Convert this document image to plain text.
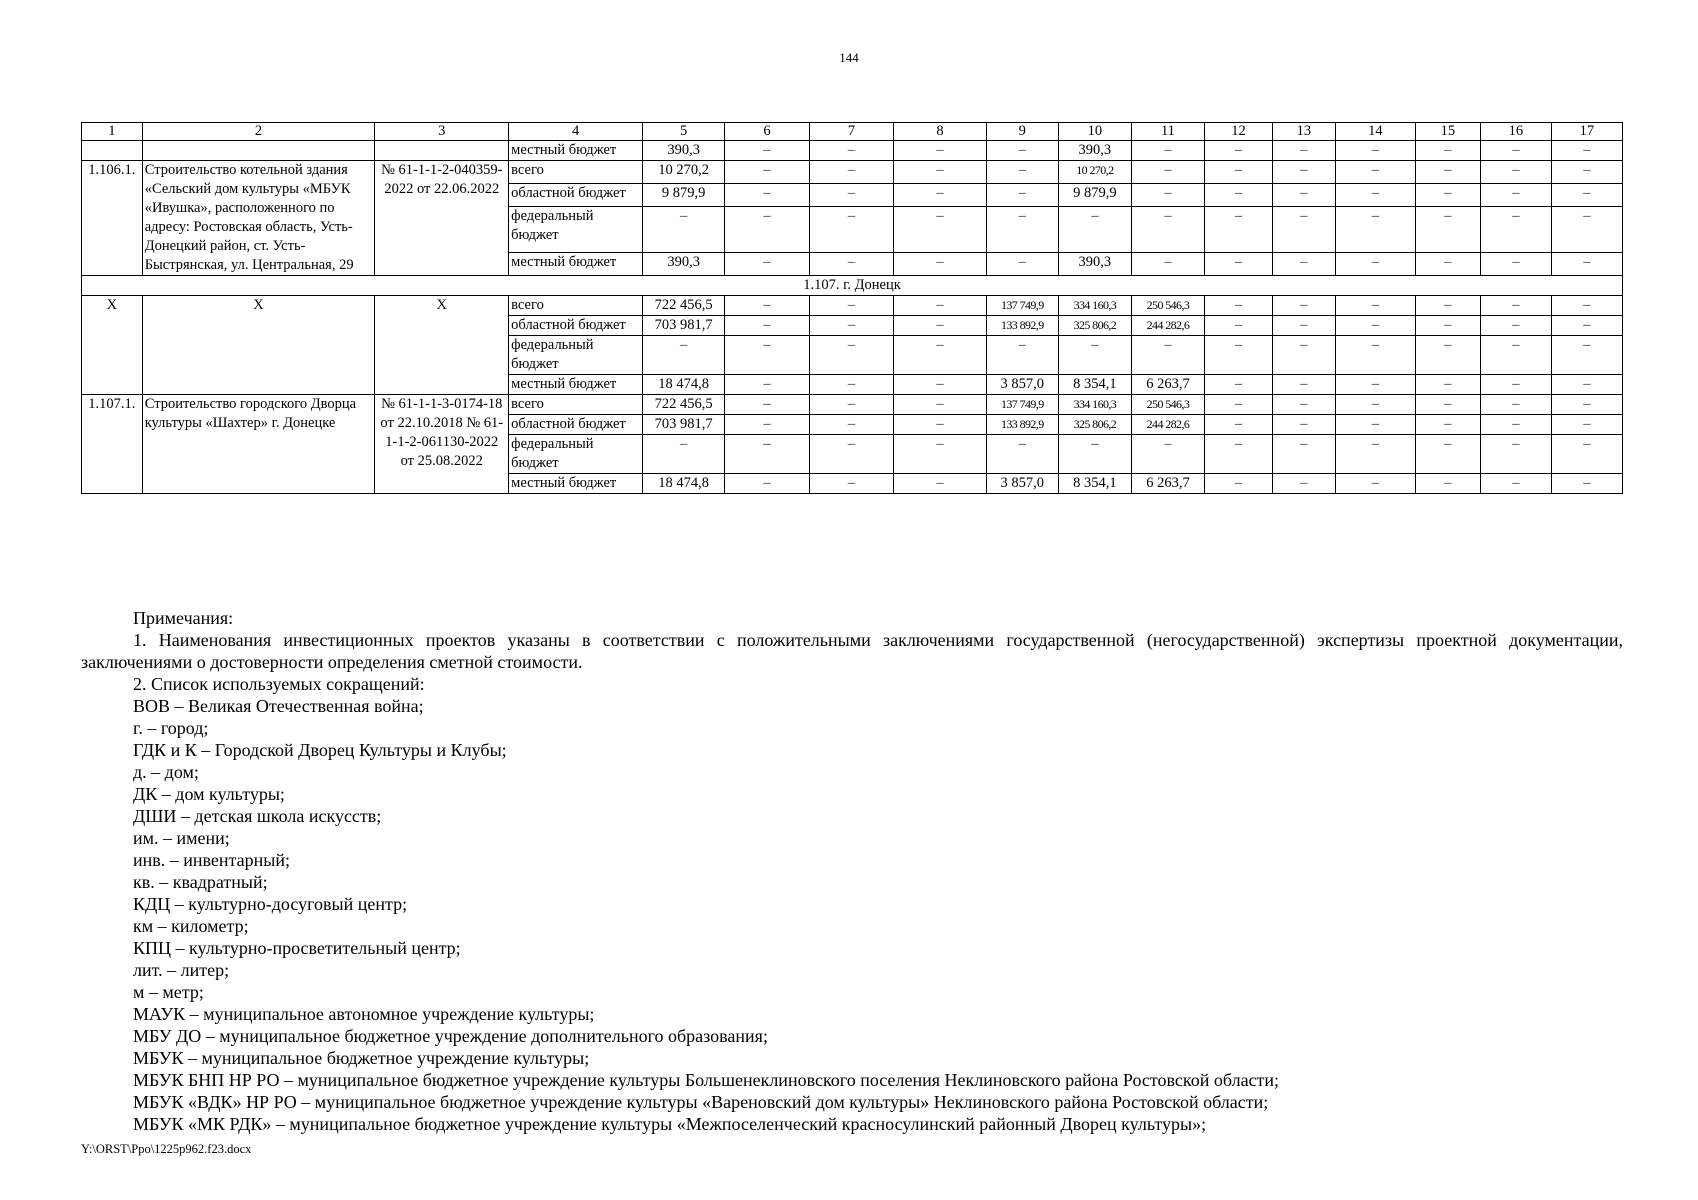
144
1	2	3	4	5	6	7	8	9	10	11	12	13	14	15	16	17
			местный бюджет	390,3	–	–	–	–	390,3	–	–	–	–	–	–	–
1.106.1.	Строительство котельной здания «Сельский дом культуры «МБУК «Ивушка», расположенного по адресу: Ростовская область, Усть-Донецкий район, ст. Усть-Быстрянская, ул. Центральная, 29	№ 61-1-1-2-040359-2022 от 22.06.2022	всего	10 270,2	–	–	–	–	10 270,2	–	–	–	–	–	–	–
			областной бюджет	9 879,9	–	–	–	–	9 879,9	–	–	–	–	–	–	–
			федеральный бюджет	–	–	–	–	–	–	–	–	–	–	–	–	–
			местный бюджет	390,3	–	–	–	–	390,3	–	–	–	–	–	–	–
1.107. г. Донецк																
X	X	X	всего	722 456,5	–	–	–	137 749,9	334 160,3	250 546,3	–	–	–	–	–	–
			областной бюджет	703 981,7	–	–	–	133 892,9	325 806,2	244 282,6	–	–	–	–	–	–
			федеральный бюджет	–	–	–	–	–	–	–	–	–	–	–	–	–
			местный бюджет	18 474,8	–	–	–	3 857,0	8 354,1	6 263,7	–	–	–	–	–	–
1.107.1.	Строительство городского Дворца культуры «Шахтер» г. Донецке	№ 61-1-1-3-0174-18 от 22.10.2018 № 61-1-1-2-061130-2022 от 25.08.2022	всего	722 456,5	–	–	–	137 749,9	334 160,3	250 546,3	–	–	–	–	–	–
			областной бюджет	703 981,7	–	–	–	133 892,9	325 806,2	244 282,6	–	–	–	–	–	–
			федеральный бюджет	–	–	–	–	–	–	–	–	–	–	–	–	–
			местный бюджет	18 474,8	–	–	–	3 857,0	8 354,1	6 263,7	–	–	–	–	–	–

Примечания:

1. Наименования инвестиционных проектов указаны в соответствии с положительными заключениями государственной (негосударственной) экспертизы проектной документации, заключениями о достоверности определения сметной стоимости.

2. Список используемых сокращений:

ВОВ – Великая Отечественная война;

г. – город;

ГДК и К – Городской Дворец Культуры и Клубы;

д. – дом;

ДК – дом культуры;

ДШИ – детская школа искусств;

им. – имени;

инв. – инвентарный;

кв. – квадратный;

КДЦ – культурно-досуговый центр;

км – километр;

КПЦ – культурно-просветительный центр;

лит. – литер;

м – метр;

МАУК – муниципальное автономное учреждение культуры;

МБУ ДО – муниципальное бюджетное учреждение дополнительного образования;

МБУК – муниципальное бюджетное учреждение культуры;

МБУК БНП НР РО – муниципальное бюджетное учреждение культуры Большенеклиновского поселения Неклиновского района Ростовской области;

МБУК «ВДК» НР РО – муниципальное бюджетное учреждение культуры «Вареновский дом культуры» Неклиновского района Ростовской области;

МБУК «МК РДК» – муниципальное бюджетное учреждение культуры «Межпоселенческий красносулинский районный Дворец культуры»;

Y:\ORST\Ppo\1225p962.f23.docx
